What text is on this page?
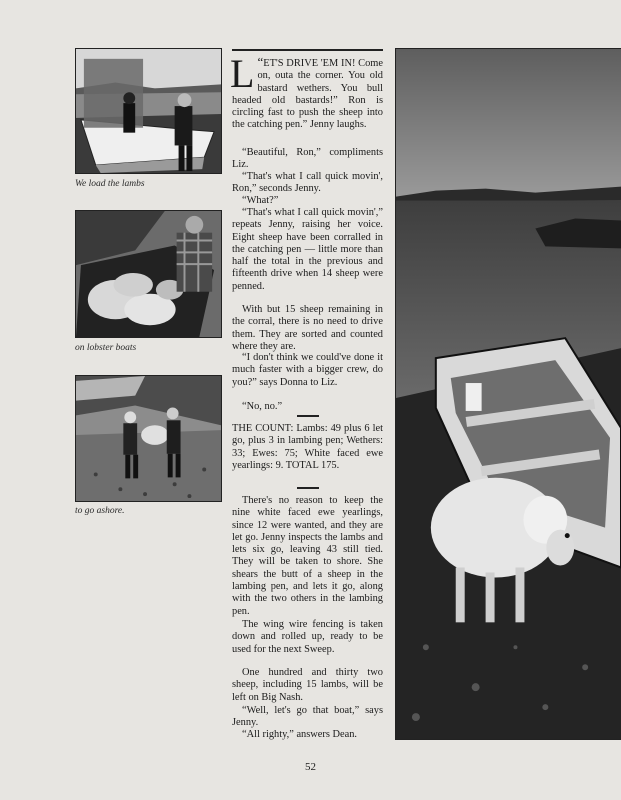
We load the lambs
on lobster boats
to go ashore.

“
L ET'S DRIVE 'EM IN! Come on, outa the corner. You old bastard wethers. You bull headed old bastards!” Ron is circling fast to push the sheep into the catching pen.” Jenny laughs.

“Beautiful, Ron,” compliments Liz.

“That's what I call quick movin', Ron,” seconds Jenny.

“What?”

“That's what I call quick movin',” repeats Jenny, raising her voice. Eight sheep have been corralled in the catching pen — little more than half the total in the previous and fifteenth drive when 14 sheep were penned.

With but 15 sheep remaining in the corral, there is no need to drive them. They are sorted and counted where they are.

“I don't think we could've done it much faster with a bigger crew, do you?” says Donna to Liz.

“No, no.”

THE COUNT: Lambs: 49 plus 6 let go, plus 3 in lambing pen; Wethers: 33; Ewes: 75; White faced ewe yearlings: 9. TOTAL 175.

There's no reason to keep the nine white faced ewe yearlings, since 12 were wanted, and they are let go. Jenny inspects the lambs and lets six go, leaving 43 still tied. They will be taken to shore. She shears the butt of a sheep in the lambing pen, and lets it go, along with the two others in the lambing pen.

The wing wire fencing is taken down and rolled up, ready to be used for the next Sweep.

One hundred and thirty two sheep, including 15 lambs, will be left on Big Nash.

“Well, let's go that boat,” says Jenny.

“All righty,” answers Dean.

52
